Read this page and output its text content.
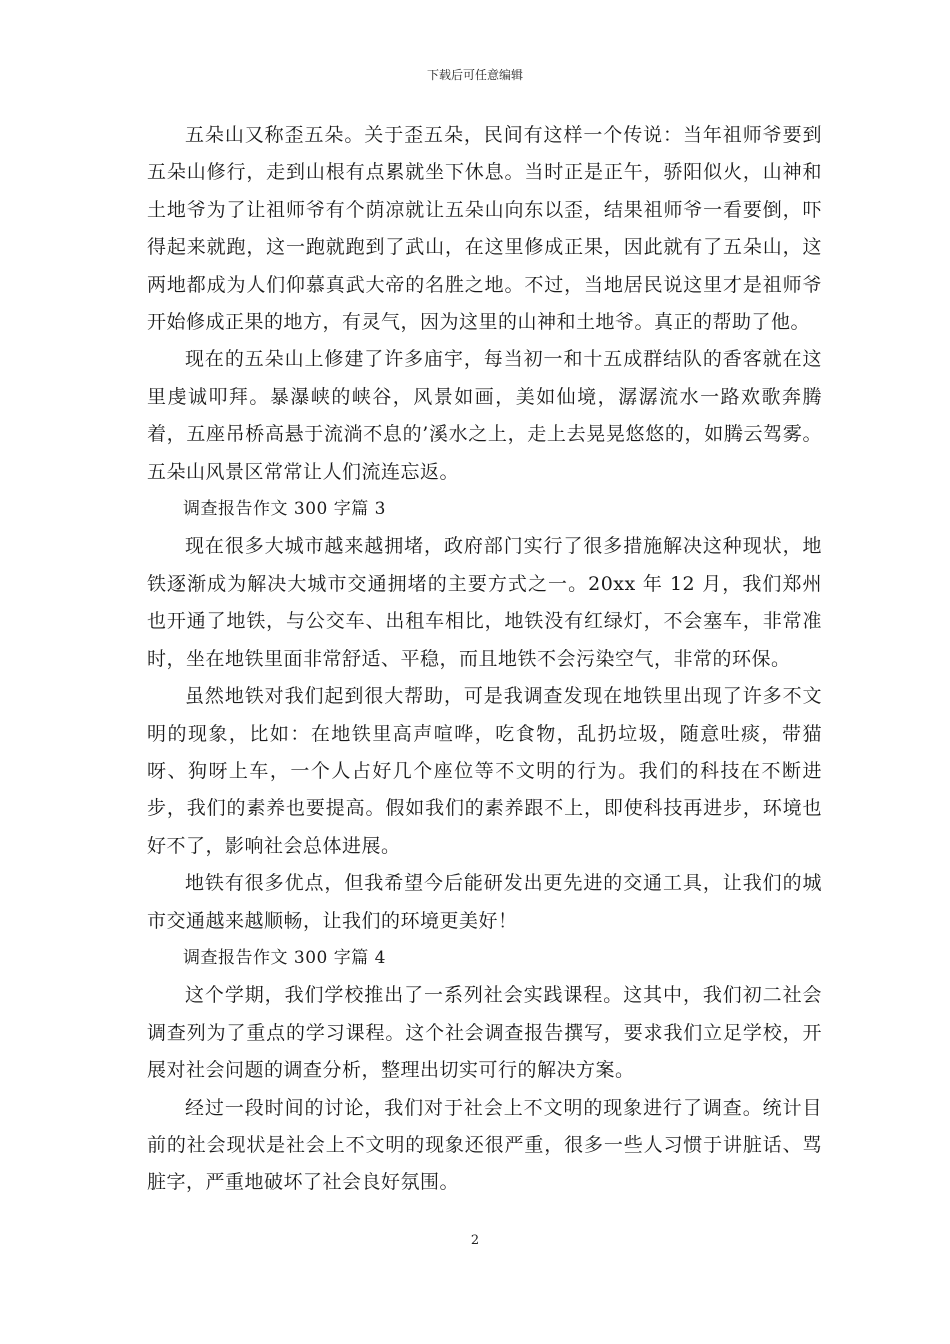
下载后可任意编辑

五朵山又称歪五朵。关于歪五朵，民间有这样一个传说：当年祖师爷要到五朵山修行，走到山根有点累就坐下休息。当时正是正午，骄阳似火，山神和土地爷为了让祖师爷有个荫凉就让五朵山向东以歪，结果祖师爷一看要倒，吓得起来就跑，这一跑就跑到了武山，在这里修成正果，因此就有了五朵山，这两地都成为人们仰慕真武大帝的名胜之地。不过，当地居民说这里才是祖师爷开始修成正果的地方，有灵气，因为这里的山神和土地爷。真正的帮助了他。

现在的五朵山上修建了许多庙宇，每当初一和十五成群结队的香客就在这里虔诚叩拜。暴瀑峡的峡谷，风景如画，美如仙境，潺潺流水一路欢歌奔腾着，五座吊桥高悬于流淌不息的’溪水之上，走上去晃晃悠悠的，如腾云驾雾。五朵山风景区常常让人们流连忘返。

调查报告作文 300 字篇 3

现在很多大城市越来越拥堵，政府部门实行了很多措施解决这种现状，地铁逐渐成为解决大城市交通拥堵的主要方式之一。20xx 年 12 月，我们郑州也开通了地铁，与公交车、出租车相比，地铁没有红绿灯，不会塞车，非常准时，坐在地铁里面非常舒适、平稳，而且地铁不会污染空气，非常的环保。

虽然地铁对我们起到很大帮助，可是我调查发现在地铁里出现了许多不文明的现象，比如：在地铁里高声喧哗，吃食物，乱扔垃圾，随意吐痰，带猫呀、狗呀上车，一个人占好几个座位等不文明的行为。我们的科技在不断进步，我们的素养也要提高。假如我们的素养跟不上，即使科技再进步，环境也好不了，影响社会总体进展。

地铁有很多优点，但我希望今后能研发出更先进的交通工具，让我们的城市交通越来越顺畅，让我们的环境更美好！

调查报告作文 300 字篇 4

这个学期，我们学校推出了一系列社会实践课程。这其中，我们初二社会调查列为了重点的学习课程。这个社会调查报告撰写，要求我们立足学校，开展对社会问题的调查分析，整理出切实可行的解决方案。

经过一段时间的讨论，我们对于社会上不文明的现象进行了调查。统计目前的社会现状是社会上不文明的现象还很严重，很多一些人习惯于讲脏话、骂脏字，严重地破坏了社会良好氛围。

2
